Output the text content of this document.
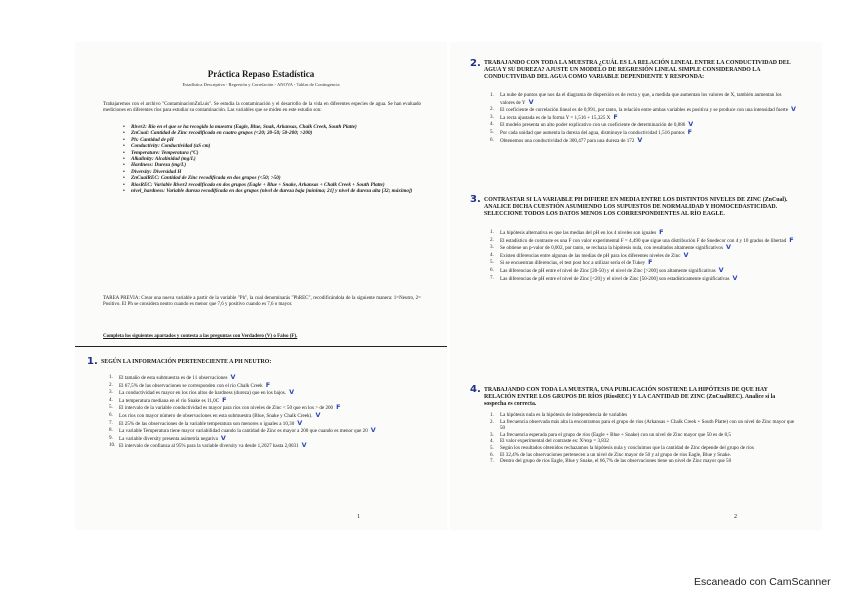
Práctica Repaso Estadística
Estadística Descriptiva - Regresión y Correlación - ANOVA - Tablas de Contingencia
Trabajaremos con el archivo "ContaminacionZnLuis". Se estudia la contaminación y el desarrollo de la vida en diferentes especies de agua. Se han evaluado mediciones en diferentes ríos para estudiar su contaminación. Las variables que se miden en este estudio son:
• River2: Río en el que se ha recogido la muestra (Eagle, Blue, Snak, Arkansas, Chalk Creek, South Platte)
• ZnCual: Cantidad de Zinc recodificada en cuatro grupos (<20; 20-50; 50-200; >200)
• Ph: Cantidad de pH
• Conductivity: Conductividad (uS cm)
• Temperature: Temperatura (ºC)
• Alkalinity: Alcalinidad (mg/L)
• Hardness: Dureza (mg/L)
• Diversity: Diversidad H
• ZnCualREC: Cantidad de Zinc recodificada en dos grupos (<50; >50)
• RiosREC: Variable River2 recodificada en dos grupos (Eagle + Blue + Snake, Arkansas + Chalk Creek + South Platte)
• nivel_hardness: Variable dureza recodificada en dos grupos (nivel de dureza baja [mínima; 21] y nivel de dureza alta [32; máximo])
TAREA PREVIA: Crear una nueva variable a partir de la variable "Ph", la cual denominarás "PhREC", recodificándola de la siguiente manera: 1=Neutro, 2= Positivo. El Ph se considera neutro cuando es menor que 7,6 y positivo cuando es 7,6 o mayor.
Completa los siguientes apartados y contesta a las preguntas con Verdadero (V) o Falso (F).
1. SEGÚN LA INFORMACIÓN PERTENECIENTE A PH NEUTRO:
1. El tamaño de esta submuestra es de 11 observaciones V
2. El 67,5% de las observaciones se corresponden con el río Chalk Creek F
3. La conductividad es mayor en los ríos altos de hardness (dureza) que en los bajos. V
4. La temperatura mediana en el río Snake es 11,0C F
5. El intervalo de la variable conductividad es mayor para ríos con niveles de Zinc < 50 que en los > de 200 F
6. Los ríos con mayor número de observaciones en esta submuestra (Blue, Snake y Chalk Creek). V
7. El 25% de las observaciones de la variable temperatura son menores o iguales a 10,30 V
8. La variable Temperatura tiene mayor variabilidad cuando la cantidad de Zinc es mayor a 200 que cuando es menor que 20 V
9. La variable diversity presenta asimetría negativa V
10. El intervalo de confianza al 95% para la variable diversity va desde 1,2027 hasta 2,0031 V
1
2. TRABAJANDO CON TODA LA MUESTRA ¿CUÁL ES LA RELACIÓN LINEAL ENTRE LA CONDUCTIVIDAD DEL AGUA Y SU DUREZA? AJUSTE UN MODELO DE REGRESIÓN LINEAL SIMPLE CONSIDERANDO LA CONDUCTIVIDAD DEL AGUA COMO VARIABLE DEPENDIENTE Y RESPONDA:
1. La nube de puntos que nos da el diagrama de dispersión es de recta y que, a medida que aumentan los valores de X, también aumentan los valores de Y V
2. El coeficiente de correlación lineal es de 0,991, por tanto, la relación entre ambas variables es positiva y se produce con una intensidad fuerte V
3. La recta ajustada es de la forma Y = 1,516 + 15,325 X F
4. El modelo presenta un alto poder explicativo con un coeficiente de determinación de 0,886 V
5. Por cada unidad que aumenta la dureza del agua, disminuye la conductividad 1,516 puntos F
6. Obtenemos una conductividad de 300,477 para una dureza de 172 V
3. CONTRASTAR SI LA VARIABLE PH DIFIERE EN MEDIA ENTRE LOS DISTINTOS NIVELES DE ZINC (ZnCual). ANALICE DICHA CUESTIÓN ASUMIENDO LOS SUPUESTOS DE NORMALIDAD Y HOMOCEDASTICIDAD. SELECCIONE TODOS LOS DATOS MENOS LOS CORRESPONDIENTES AL RÍO EAGLE.
1. La hipótesis alternativa es que las medias del pH en los 4 niveles son iguales F
2. El estadístico de contraste es una F con valor experimental F = 4,490 que sigue una distribución F de Snedecor con 4 y 10 grados de libertad F
3. Se obtiene un p-valor de 0,002, por tanto, se rechaza la hipótesis nula, con resultados altamente significativos V
4. Existen diferencias entre algunas de las medias de pH para los diferentes niveles de Zinc V
5. Si se encuentran diferencias, el test post hoc a utilizar sería el de Tukey F
6. Las diferencias de pH entre el nivel de Zinc [20-50) y el nivel de Zinc [>200] son altamente significativas V
7. Las diferencias de pH entre el nivel de Zinc [<20] y el nivel de Zinc [50-200] son estadísticamente significativas V
4. TRABAJANDO CON TODA LA MUESTRA, UNA PUBLICACIÓN SOSTIENE LA HIPÓTESIS DE QUE HAY RELACIÓN ENTRE LOS GRUPOS DE RÍOS (RiosREC) Y LA CANTIDAD DE ZINC (ZnCualREC). Analice si la sospecha es correcta.
1. La hipótesis nula es la hipótesis de independencia de variables
2. La frecuencia observada más alta la encontramos para el grupo de ríos (Arkansas + Chalk Creek + South Platte) con un nivel de Zinc mayor que 50
3. La frecuencia esperada para el grupo de ríos (Eagle + Blue + Snake) con un nivel de Zinc mayor que 50 es de 8,5
4. El valor experimental del contraste es: X²exp = 3,832
5. Según los resultados obtenidos rechazamos la hipótesis nula y concluimos que la cantidad de Zinc depende del grupo de ríos
6. El 32,4% de las observaciones pertenecen a un nivel de Zinc mayor de 50 y al grupo de ríos Eagle, Blue y Snake.
7. Dentro del grupo de ríos Eagle, Blue y Snake, el 66,7% de las observaciones tiene un nivel de Zinc mayor que 50
2
Escaneado con CamScanner
